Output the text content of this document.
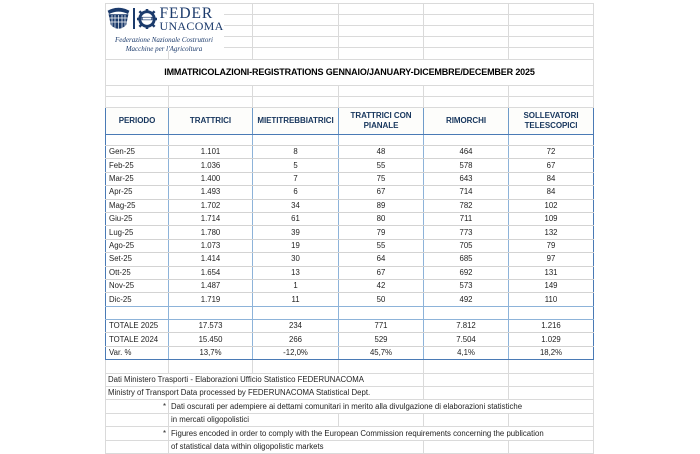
FEDER
UNACOMA
Federazione Nazionale Costruttori
Macchine per l'Agricoltura

IMMATRICOLAZIONI-REGISTRATIONS GENNAIO/JANUARY-DICEMBRE/DECEMBER 2025					

PERIODO	TRATTRICI	MIETITREBBIATRICI	TRATTRICI CON PIANALE	RIMORCHI	SOLLEVATORI TELESCOPICI

Gen-25	1.101	8	48	464	72
Feb-25	1.036	5	55	578	67
Mar-25	1.400	7	75	643	84
Apr-25	1.493	6	67	714	84
Mag-25	1.702	34	89	782	102
Giu-25	1.714	61	80	711	109
Lug-25	1.780	39	79	773	132
Ago-25	1.073	19	55	705	79
Set-25	1.414	30	64	685	97
Ott-25	1.654	13	67	692	131
Nov-25	1.487	1	42	573	149
Dic-25	1.719	11	50	492	110

TOTALE 2025	17.573	234	771	7.812	1.216
TOTALE 2024	15.450	266	529	7.504	1.029
Var. %	13,7%	-12,0%	45,7%	4,1%	18,2%

Dati Ministero Trasporti - Elaborazioni Ufficio Statistico FEDERUNACOMA					
Ministry of Transport Data processed by FEDERUNACOMA Statistical Dept.					
*	Dati oscurati per adempiere ai dettami comunitari in merito alla divulgazione di elaborazioni statistiche				
	in mercati oligopolistici				
*	Figures encoded in order to comply with the European Commission requirements concerning the publication				
	of statistical data within oligopolistic markets				
